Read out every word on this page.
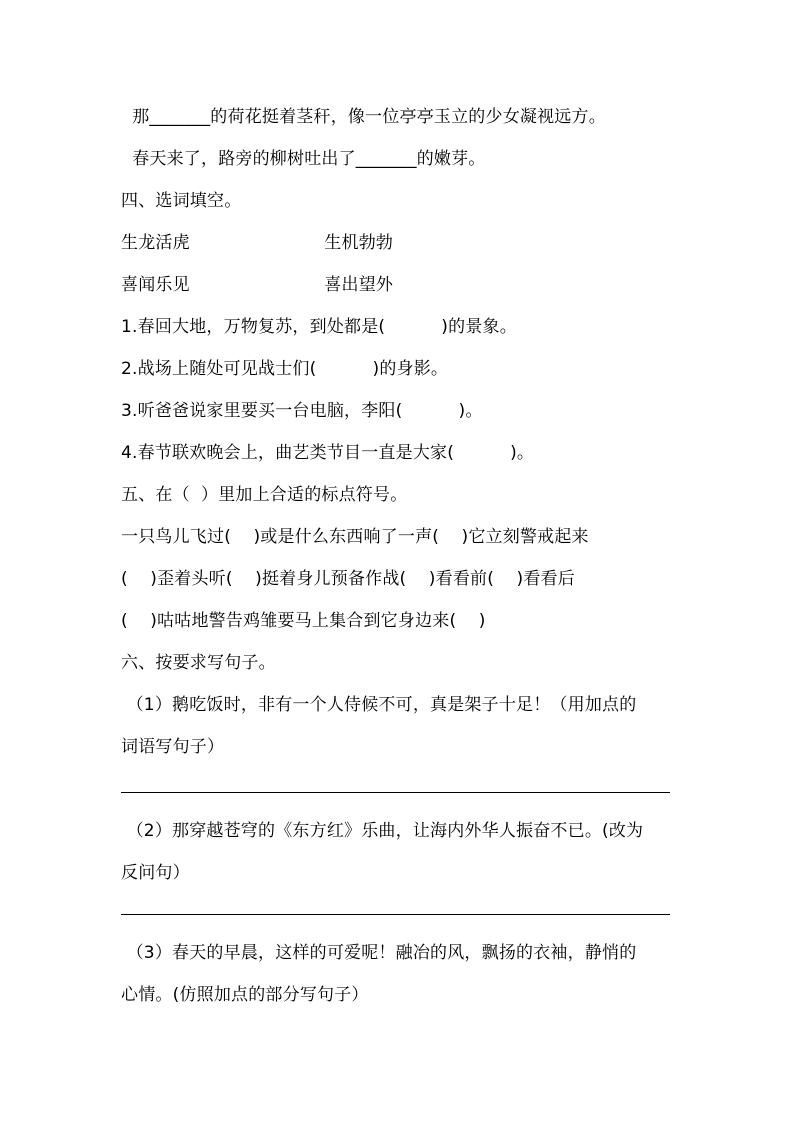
那_______的荷花挺着茎秆，像一位亭亭玉立的少女凝视远方。
春天来了，路旁的柳树吐出了_______的嫩芽。
四、选词填空。
生龙活虎                        生机勃勃
喜闻乐见                        喜出望外
1.春回大地，万物复苏，到处都是(          )的景象。
2.战场上随处可见战士们(          )的身影。
3.听爸爸说家里要买一台电脑，李阳(          )。
4.春节联欢晚会上，曲艺类节目一直是大家(          )。
五、在（  ）里加上合适的标点符号。
一只鸟儿飞过(    )或是什么东西响了一声(    )它立刻警戒起来
(    )歪着头听(    )挺着身儿预备作战(    )看看前(    )看看后
(    )咕咕地警告鸡雏要马上集合到它身边来(    )
六、按要求写句子。
（1）鹅吃饭时，非有一个人侍候不可，真是架子十足！（用加点的
词语写句子）
（2）那穿越苍穹的《东方红》乐曲，让海内外华人振奋不已。(改为
反问句）
（3）春天的早晨，这样的可爱呢！融冶的风，飘扬的衣袖，静悄的
心情。(仿照加点的部分写句子）
